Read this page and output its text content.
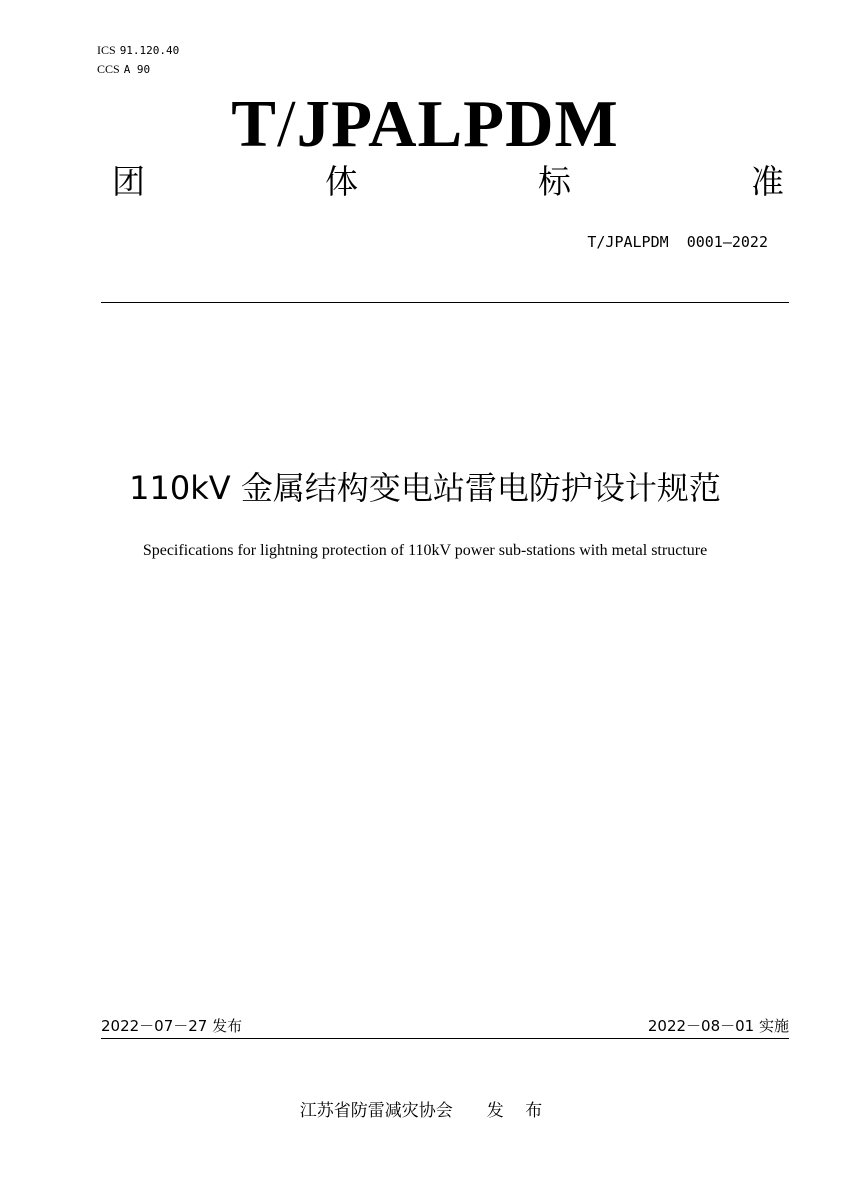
ICS 91.120.40
CCS A 90
T/JPALPDM
团	体	标	准
T/JPALPDM  0001—2022
110kV 金属结构变电站雷电防护设计规范
Specifications for lightning protection of 110kV power sub-stations with metal structure
2022－07－27 发布	2022－08－01 实施
江苏省防雷减灾协会 发 布
